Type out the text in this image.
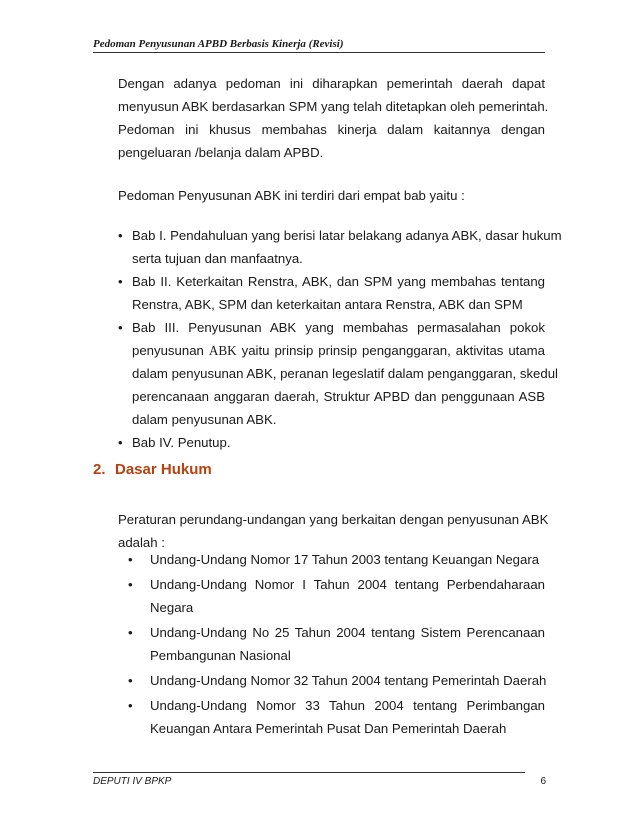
Pedoman Penyusunan APBD Berbasis Kinerja (Revisi)
Dengan adanya pedoman ini diharapkan pemerintah daerah dapat
menyusun ABK berdasarkan SPM yang telah ditetapkan oleh pemerintah.
Pedoman ini khusus membahas kinerja dalam kaitannya dengan
pengeluaran /belanja dalam APBD.
Pedoman Penyusunan ABK ini terdiri dari empat bab yaitu :
• Bab I. Pendahuluan yang berisi latar belakang adanya ABK, dasar hukum
serta tujuan dan manfaatnya.
• Bab II. Keterkaitan Renstra, ABK, dan SPM yang membahas tentang
Renstra, ABK, SPM dan keterkaitan antara Renstra, ABK dan SPM
• Bab III. Penyusunan ABK yang membahas permasalahan pokok
penyusunan ABK yaitu prinsip prinsip penganggaran, aktivitas utama
dalam penyusunan ABK, peranan legeslatif dalam penganggaran, skedul
perencanaan anggaran daerah, Struktur APBD dan penggunaan ASB
dalam penyusunan ABK.
• Bab IV. Penutup.
2. Dasar Hukum
Peraturan perundang-undangan yang berkaitan dengan penyusunan ABK
adalah :
• Undang-Undang Nomor 17 Tahun 2003 tentang Keuangan Negara
• Undang-Undang Nomor I Tahun 2004 tentang Perbendaharaan
Negara
• Undang-Undang No 25 Tahun 2004 tentang Sistem Perencanaan
Pembangunan Nasional
• Undang-Undang Nomor 32 Tahun 2004 tentang Pemerintah Daerah
• Undang-Undang Nomor 33 Tahun 2004 tentang Perimbangan
Keuangan Antara Pemerintah Pusat Dan Pemerintah Daerah
DEPUTI IV BPKP	6
